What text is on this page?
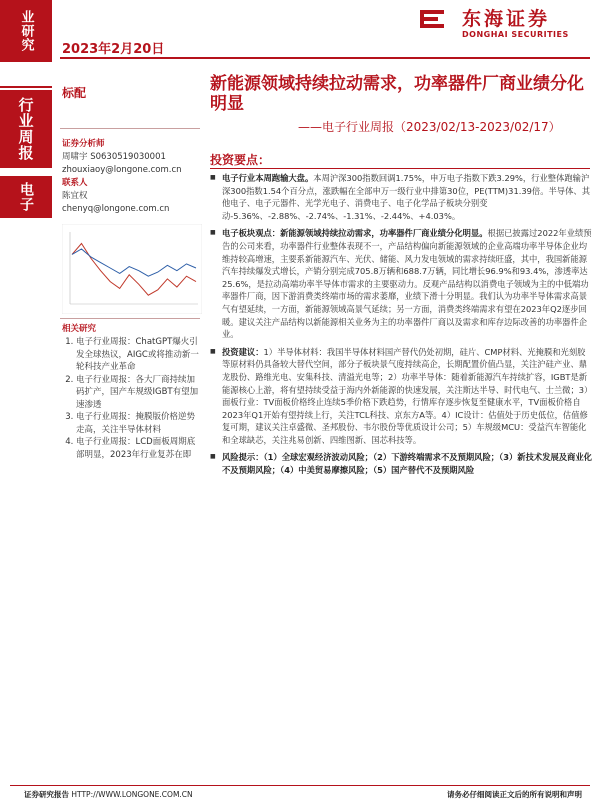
业研究
行业周报
电子
2023年2月20日
东海证券
DONGHAI SECURITIES
标配
证券分析师
周啸宇 S0630519030001
zhouxiaoy@longone.com.cn
联系人
陈宜权
chenyq@longone.com.cn
相关研究
1. 电子行业周报：ChatGPT爆火引发全球热议，AIGC或将推动新一轮科技产业革命
2. 电子行业周报：各大厂商持续加码扩产，国产车规级IGBT有望加速渗透
3. 电子行业周报：掩膜版价格逆势走高，关注半导体材料
4. 电子行业周报：LCD面板周期底部明显，2023年行业复苏在即
新能源领域持续拉动需求，功率器件厂商业绩分化明显
——电子行业周报（2023/02/13-2023/02/17）
投资要点：
■ 电子行业本周跑输大盘。本周沪深300指数回调1.75%，申万电子指数下跌3.29%，行业整体跑输沪深300指数1.54个百分点，涨跌幅在全部申万一级行业中排第30位，PE(TTM)31.39倍。半导体、其他电子、电子元器件、光学光电子、消费电子、电子化学品子板块分别变动-5.36%、-2.88%、-2.74%、-1.31%、-2.44%、+4.03%。
■ 电子板块观点：新能源领域持续拉动需求，功率器件厂商业绩分化明显。根据已披露过2022年业绩预告的公司来看，功率器件行业整体表现不一，产品结构偏向新能源领域的企业高端功率半导体企业均维持较高增速，主要系新能源汽车、光伏、储能、风力发电领域的需求持续旺盛，其中，我国新能源汽车持续爆发式增长，产销分别完成705.8万辆和688.7万辆，同比增长96.9%和93.4%，渗透率达25.6%，是拉动高端功率半导体市需求的主要驱动力。反观产品结构以消费电子领域为主的中低端功率器件厂商，因下游消费类终端市场的需求萎靡，业绩下滑十分明显。我们认为功率半导体需求高景气有望延续，一方面，新能源领域高景气延续；另一方面，消费类终端需求有望在2023年Q2逐步回暖。建议关注产品结构以新能源相关业务为主的功率器件厂商以及需求和库存边际改善的功率器件企业。
■ 投资建议：1）半导体材料：我国半导体材料国产替代仍处初期，硅片、CMP材料、光掩膜和光刻胶等原材料仍具备较大替代空间，部分子板块景气度持续高企，长期配置价值凸显，关注沪硅产业、鼎龙股份、路维光电、安集科技、清溢光电等；2）功率半导体：随着新能源汽车持续扩容，IGBT是新能源核心上游，将有望持续受益于海内外新能源的快速发展，关注斯达半导、时代电气、士兰微；3）面板行业：TV面板价格终止连续5季价格下跌趋势，行情库存逐步恢复至健康水平，TV面板价格自2023年Q1开始有望持续上行，关注TCL科技、京东方A等。4）IC设计：估值处于历史低位，估值修复可期，建议关注卓盛微、圣邦股份、韦尔股份等优质设计公司；5）车规级MCU：受益汽车智能化和全球缺芯，关注兆易创新、四维图新、国芯科技等。
■ 风险提示：（1）全球宏观经济波动风险；（2）下游终端需求不及预期风险；（3）新技术发展及商业化不及预期风险；（4）中美贸易摩擦风险；（5）国产替代不及预期风险
证券研究报告 HTTP://WWW.LONGONE.COM.CN	请务必仔细阅读正文后的所有说明和声明
